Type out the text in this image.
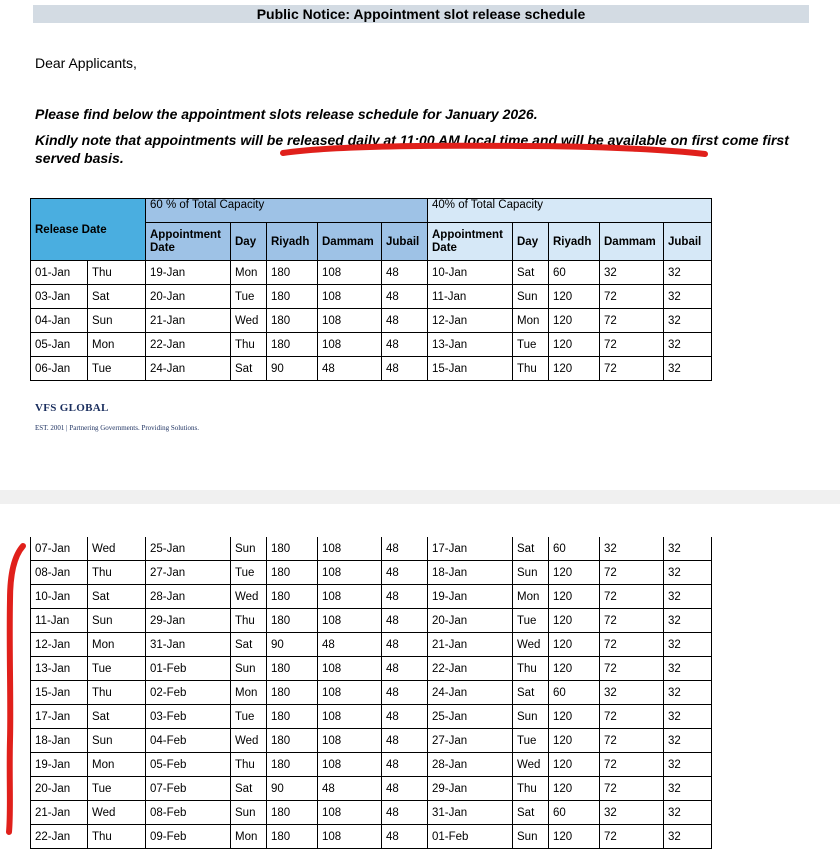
Public Notice: Appointment slot release schedule
Dear Applicants,

Please find below the appointment slots release schedule for January 2026.

Kindly note that appointments will be released daily at 11:00 AM local time and will be available on first come first served basis.

Release Date		60 % of Total Capacity					40% of Total Capacity				
		Appointment Date	Day	Riyadh	Dammam	Jubail	Appointment Date	Day	Riyadh	Dammam	Jubail
01-Jan	Thu	19-Jan	Mon	180	108	48	10-Jan	Sat	60	32	32
03-Jan	Sat	20-Jan	Tue	180	108	48	11-Jan	Sun	120	72	32
04-Jan	Sun	21-Jan	Wed	180	108	48	12-Jan	Mon	120	72	32
05-Jan	Mon	22-Jan	Thu	180	108	48	13-Jan	Tue	120	72	32
06-Jan	Tue	24-Jan	Sat	90	48	48	15-Jan	Thu	120	72	32
VFS GLOBAL
EST. 2001 | Partnering Governments. Providing Solutions.
07-Jan	Wed	25-Jan	Sun	180	108	48	17-Jan	Sat	60	32	32
08-Jan	Thu	27-Jan	Tue	180	108	48	18-Jan	Sun	120	72	32
10-Jan	Sat	28-Jan	Wed	180	108	48	19-Jan	Mon	120	72	32
11-Jan	Sun	29-Jan	Thu	180	108	48	20-Jan	Tue	120	72	32
12-Jan	Mon	31-Jan	Sat	90	48	48	21-Jan	Wed	120	72	32
13-Jan	Tue	01-Feb	Sun	180	108	48	22-Jan	Thu	120	72	32
15-Jan	Thu	02-Feb	Mon	180	108	48	24-Jan	Sat	60	32	32
17-Jan	Sat	03-Feb	Tue	180	108	48	25-Jan	Sun	120	72	32
18-Jan	Sun	04-Feb	Wed	180	108	48	27-Jan	Tue	120	72	32
19-Jan	Mon	05-Feb	Thu	180	108	48	28-Jan	Wed	120	72	32
20-Jan	Tue	07-Feb	Sat	90	48	48	29-Jan	Thu	120	72	32
21-Jan	Wed	08-Feb	Sun	180	108	48	31-Jan	Sat	60	32	32
22-Jan	Thu	09-Feb	Mon	180	108	48	01-Feb	Sun	120	72	32
